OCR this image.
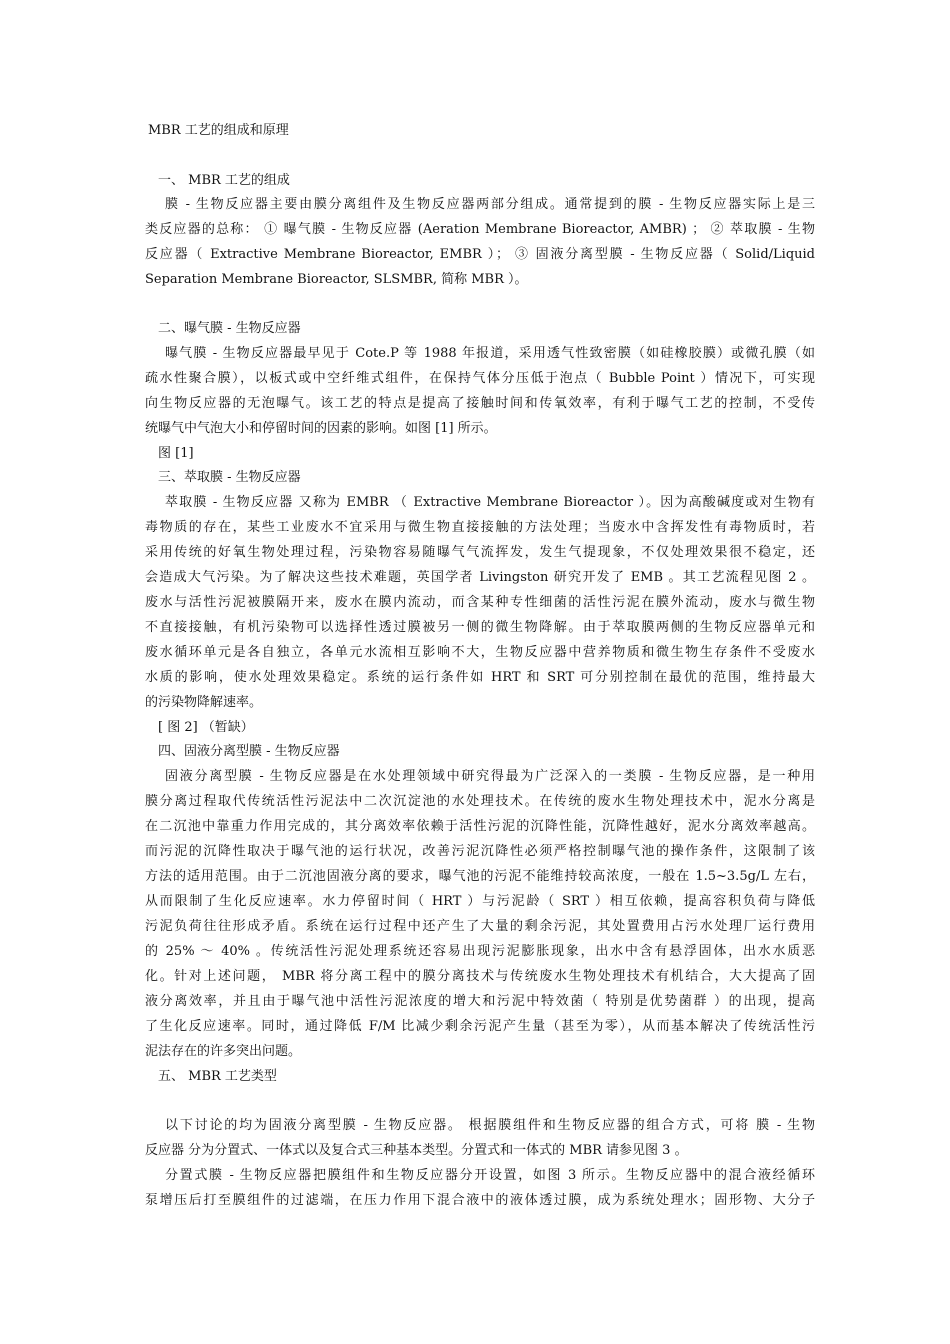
MBR 工艺的组成和原理
一、 MBR 工艺的组成
膜 - 生物反应器主要由膜分离组件及生物反应器两部分组成。通常提到的膜 - 生物反应器实际上是三
类反应器的总称： ① 曝气膜 - 生物反应器 (Aeration Membrane Bioreactor, AMBR) ； ② 萃取膜 - 生物
反应器（ Extractive Membrane Bioreactor, EMBR ）； ③ 固液分离型膜 - 生物反应器（ Solid/Liquid
Separation Membrane Bioreactor, SLSMBR, 简称 MBR ）。
二、曝气膜 - 生物反应器
曝气膜 - 生物反应器最早见于 Cote.P 等 1988 年报道，采用透气性致密膜（如硅橡胶膜）或微孔膜（如
疏水性聚合膜），以板式或中空纤维式组件，在保持气体分压低于泡点（ Bubble Point ）情况下，可实现
向生物反应器的无泡曝气。该工艺的特点是提高了接触时间和传氧效率，有利于曝气工艺的控制，不受传
统曝气中气泡大小和停留时间的因素的影响。如图 [1] 所示。
图 [1]
三、萃取膜 - 生物反应器
萃取膜 - 生物反应器 又称为 EMBR （ Extractive Membrane Bioreactor ）。因为高酸碱度或对生物有
毒物质的存在，某些工业废水不宜采用与微生物直接接触的方法处理；当废水中含挥发性有毒物质时，若
采用传统的好氧生物处理过程，污染物容易随曝气气流挥发，发生气提现象，不仅处理效果很不稳定，还
会造成大气污染。为了解决这些技术难题，英国学者 Livingston 研究开发了 EMB 。其工艺流程见图 2 。
废水与活性污泥被膜隔开来，废水在膜内流动，而含某种专性细菌的活性污泥在膜外流动，废水与微生物
不直接接触，有机污染物可以选择性透过膜被另一侧的微生物降解。由于萃取膜两侧的生物反应器单元和
废水循环单元是各自独立，各单元水流相互影响不大，生物反应器中营养物质和微生物生存条件不受废水
水质的影响，使水处理效果稳定。系统的运行条件如 HRT 和 SRT 可分别控制在最优的范围，维持最大
的污染物降解速率。
[ 图 2] （暂缺）
四、固液分离型膜 - 生物反应器
固液分离型膜 - 生物反应器是在水处理领域中研究得最为广泛深入的一类膜 - 生物反应器，是一种用
膜分离过程取代传统活性污泥法中二次沉淀池的水处理技术。在传统的废水生物处理技术中，泥水分离是
在二沉池中靠重力作用完成的，其分离效率依赖于活性污泥的沉降性能，沉降性越好，泥水分离效率越高。
而污泥的沉降性取决于曝气池的运行状况，改善污泥沉降性必须严格控制曝气池的操作条件，这限制了该
方法的适用范围。由于二沉池固液分离的要求，曝气池的污泥不能维持较高浓度，一般在 1.5~3.5g/L 左右，
从而限制了生化反应速率。水力停留时间（ HRT ）与污泥龄（ SRT ）相互依赖，提高容积负荷与降低
污泥负荷往往形成矛盾。系统在运行过程中还产生了大量的剩余污泥，其处置费用占污水处理厂运行费用
的 25% ～ 40% 。传统活性污泥处理系统还容易出现污泥膨胀现象，出水中含有悬浮固体，出水水质恶
化。针对上述问题， MBR 将分离工程中的膜分离技术与传统废水生物处理技术有机结合，大大提高了固
液分离效率，并且由于曝气池中活性污泥浓度的增大和污泥中特效菌（ 特别是优势菌群 ）的出现，提高
了生化反应速率。同时，通过降低 F/M 比减少剩余污泥产生量（甚至为零），从而基本解决了传统活性污
泥法存在的许多突出问题。
五、 MBR 工艺类型
以下讨论的均为固液分离型膜 - 生物反应器。 根据膜组件和生物反应器的组合方式，可将 膜 - 生物
反应器 分为分置式、一体式以及复合式三种基本类型。分置式和一体式的 MBR 请参见图 3 。
分置式膜 - 生物反应器把膜组件和生物反应器分开设置，如图 3 所示。生物反应器中的混合液经循环
泵增压后打至膜组件的过滤端，在压力作用下混合液中的液体透过膜，成为系统处理水；固形物、大分子
